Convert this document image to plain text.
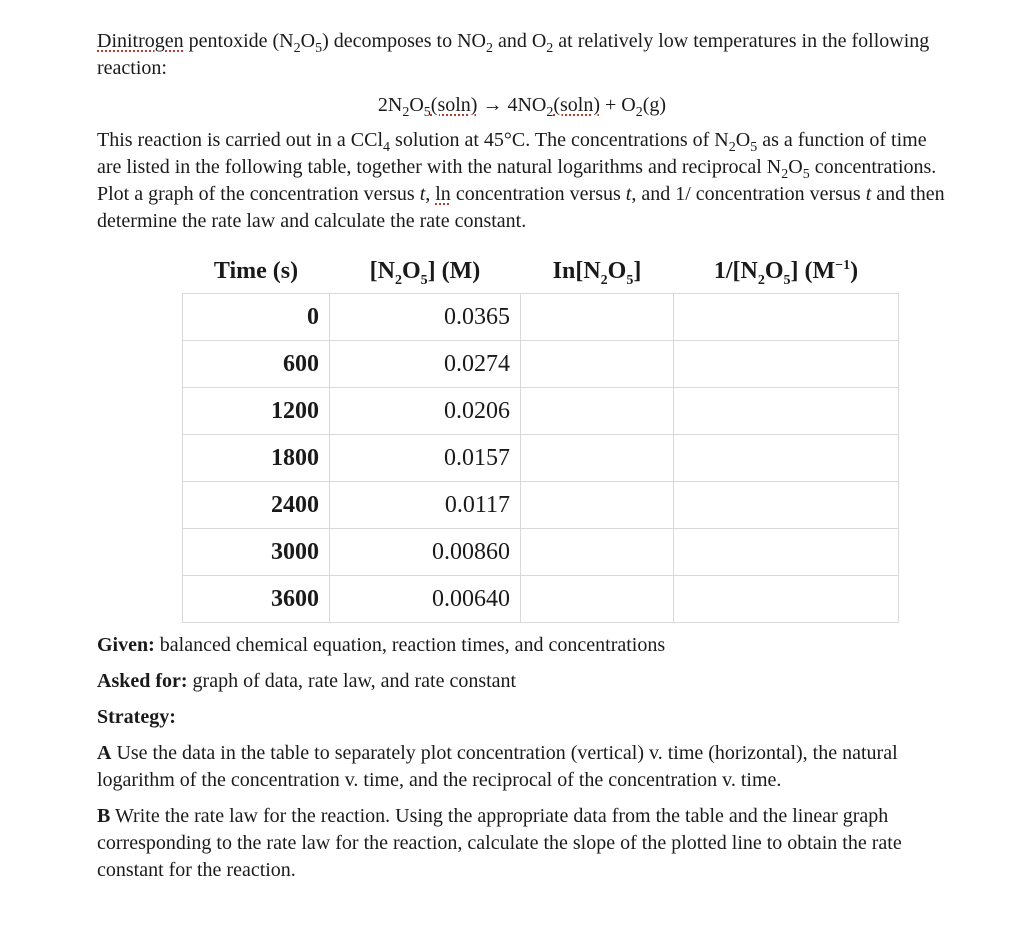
Dinitrogen pentoxide $(N_2O_5)$ decomposes to $NO_2$ and $O_2$ at relatively low temperatures in the following reaction:

$2N_2O_5(soln) \to 4NO_2(soln) + O_2(g)$

This reaction is carried out in a CCl$_4$ solution at 45°C. The concentrations of $N_2O_5$ as a function of time are listed in the following table, together with the natural logarithms and reciprocal $N_2O_5$ concentrations. Plot a graph of the concentration versus t, ln concentration versus t, and 1/ concentration versus t and then determine the rate law and calculate the rate constant.

Time (s)	$[N_2O_5]$ (M)	$In[N_2O_5]$	$1/[N_2O_5]$ $(M^{-1})$
0	0.0365		
600	0.0274		
1200	0.0206		
1800	0.0157		
2400	0.0117		
3000	0.00860		
3600	0.00640		

Given: balanced chemical equation, reaction times, and concentrations

Asked for: graph of data, rate law, and rate constant

Strategy:

A Use the data in the table to separately plot concentration (vertical) v. time (horizontal), the natural logarithm of the concentration v. time, and the reciprocal of the concentration v. time.

B Write the rate law for the reaction. Using the appropriate data from the table and the linear graph corresponding to the rate law for the reaction, calculate the slope of the plotted line to obtain the rate constant for the reaction.
